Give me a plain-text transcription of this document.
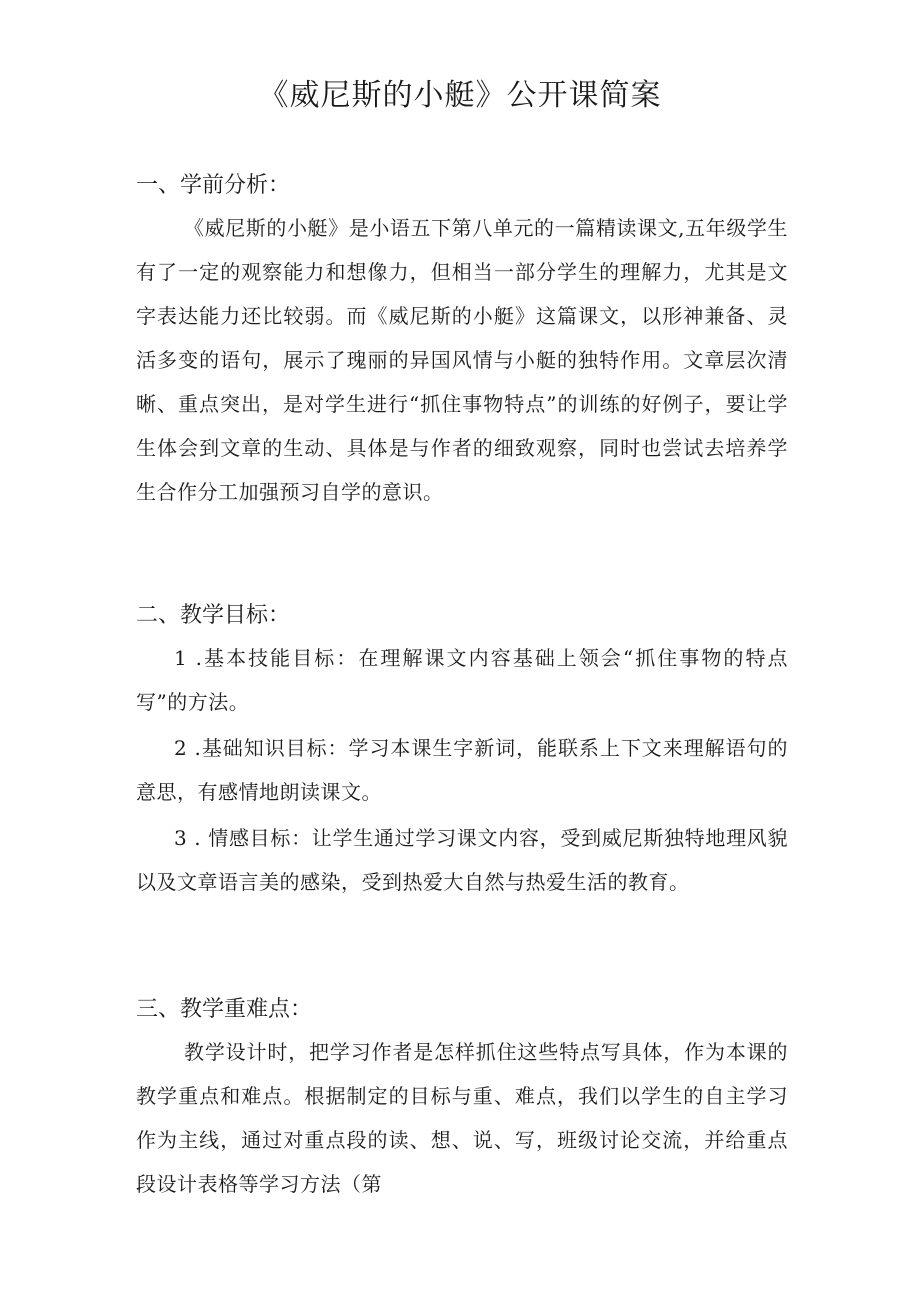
《威尼斯的小艇》公开课简案
一、学前分析：

《威尼斯的小艇》是小语五下第八单元的一篇精读课文,五年级学生有了一定的观察能力和想像力，但相当一部分学生的理解力，尤其是文字表达能力还比较弱。而《威尼斯的小艇》这篇课文，以形神兼备、灵活多变的语句，展示了瑰丽的异国风情与小艇的独特作用。文章层次清晰、重点突出，是对学生进行“抓住事物特点”的训练的好例子，要让学生体会到文章的生动、具体是与作者的细致观察，同时也尝试去培养学生合作分工加强预习自学的意识。

二、教学目标：

1 .基本技能目标：在理解课文内容基础上领会“抓住事物的特点写”的方法。

2 .基础知识目标：学习本课生字新词，能联系上下文来理解语句的意思，有感情地朗读课文。

3 . 情感目标：让学生通过学习课文内容，受到威尼斯独特地理风貌以及文章语言美的感染，受到热爱大自然与热爱生活的教育。

三、教学重难点：

教学设计时，把学习作者是怎样抓住这些特点写具体，作为本课的教学重点和难点。根据制定的目标与重、难点，我们以学生的自主学习作为主线，通过对重点段的读、想、说、写，班级讨论交流，并给重点段设计表格等学习方法（第
